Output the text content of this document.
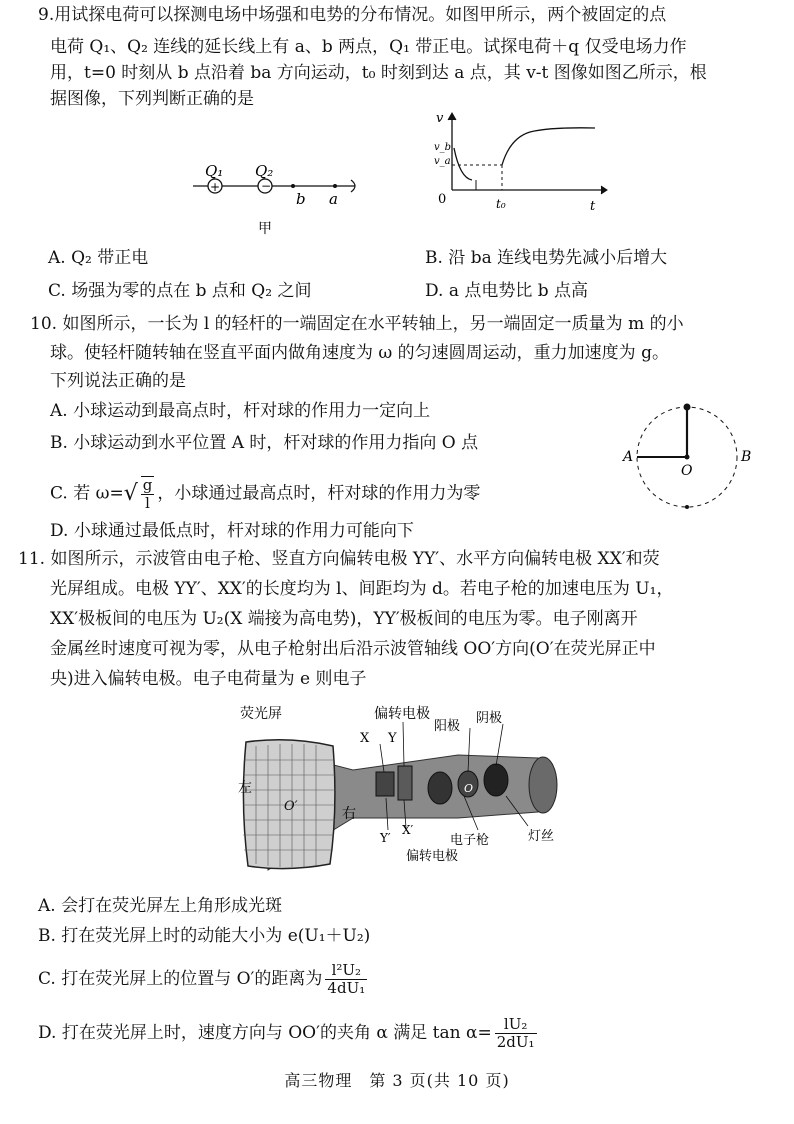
9.用试探电荷可以探测电场中场强和电势的分布情况。如图甲所示，两个被固定的点
电荷 Q₁、Q₂ 连线的延长线上有 a、b 两点，Q₁ 带正电。试探电荷＋q 仅受电场力作
用，t=0 时刻从 b 点沿着 ba 方向运动，t₀ 时刻到达 a 点，其 v-t 图像如图乙所示，根
据图像，下列判断正确的是
+	−
Q₁ Q₂
b a
甲
v
v_b
v_a
0	t₀	t
A. Q₂ 带正电	B. 沿 ba 连线电势先减小后增大
C. 场强为零的点在 b 点和 Q₂ 之间	D. a 点电势比 b 点高
10. 如图所示，一长为 l 的轻杆的一端固定在水平转轴上，另一端固定一质量为 m 的小
球。使轻杆随转轴在竖直平面内做角速度为 ω 的匀速圆周运动，重力加速度为 g。
下列说法正确的是
A. 小球运动到最高点时，杆对球的作用力一定向上
B. 小球运动到水平位置 A 时，杆对球的作用力指向 O 点
C. 若 $\omega=√ \frac{g}{l}$ ，小球通过最高点时，杆对球的作用力为零
D. 小球通过最低点时，杆对球的作用力可能向下
A	B
O
11. 如图所示，示波管由电子枪、竖直方向偏转电极 YY′、水平方向偏转电极 XX′和荧
光屏组成。电极 YY′、XX′的长度均为 l、间距均为 d。若电子枪的加速电压为 U₁，
XX′极板间的电压为 U₂(X 端接为高电势)，YY′极板间的电压为零。电子刚离开
金属丝时速度可视为零，从电子枪射出后沿示波管轴线 OO′方向(O′在荧光屏正中
央)进入偏转电极。电子电荷量为 e 则电子
荧光屏	偏转电极
阳极
阴极
X Y
左
右
O′
O
灯丝
电子枪
Y′
X′
偏转电极
A. 会打在荧光屏左上角形成光斑
B. 打在荧光屏上时的动能大小为 e(U₁＋U₂)
C. 打在荧光屏上的位置与 O′的距离为 $\frac{\text{l²U₂}}{\text{4dU₁}}$
D. 打在荧光屏上时，速度方向与 OO′的夹角 α 满足 $\tan \alpha= \frac{\text{lU₂}}{\text{2dU₁}}$
高三物理　第 3 页(共 10 页)
